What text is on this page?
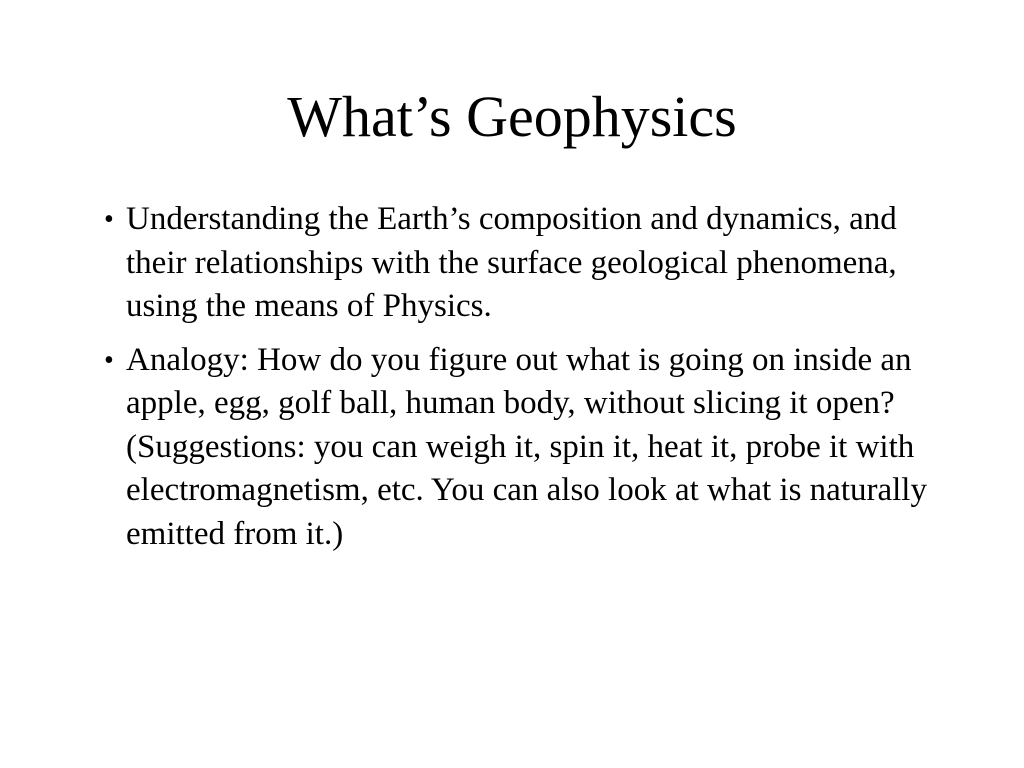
What’s Geophysics
• Understanding the Earth’s composition and dynamics, and their relationships with the surface geological phenomena, using the means of Physics.
• Analogy: How do you figure out what is going on inside an apple, egg, golf ball, human body, without slicing it open? (Suggestions: you can weigh it, spin it, heat it, probe it with electromagnetism, etc. You can also look at what is naturally emitted from it.)
